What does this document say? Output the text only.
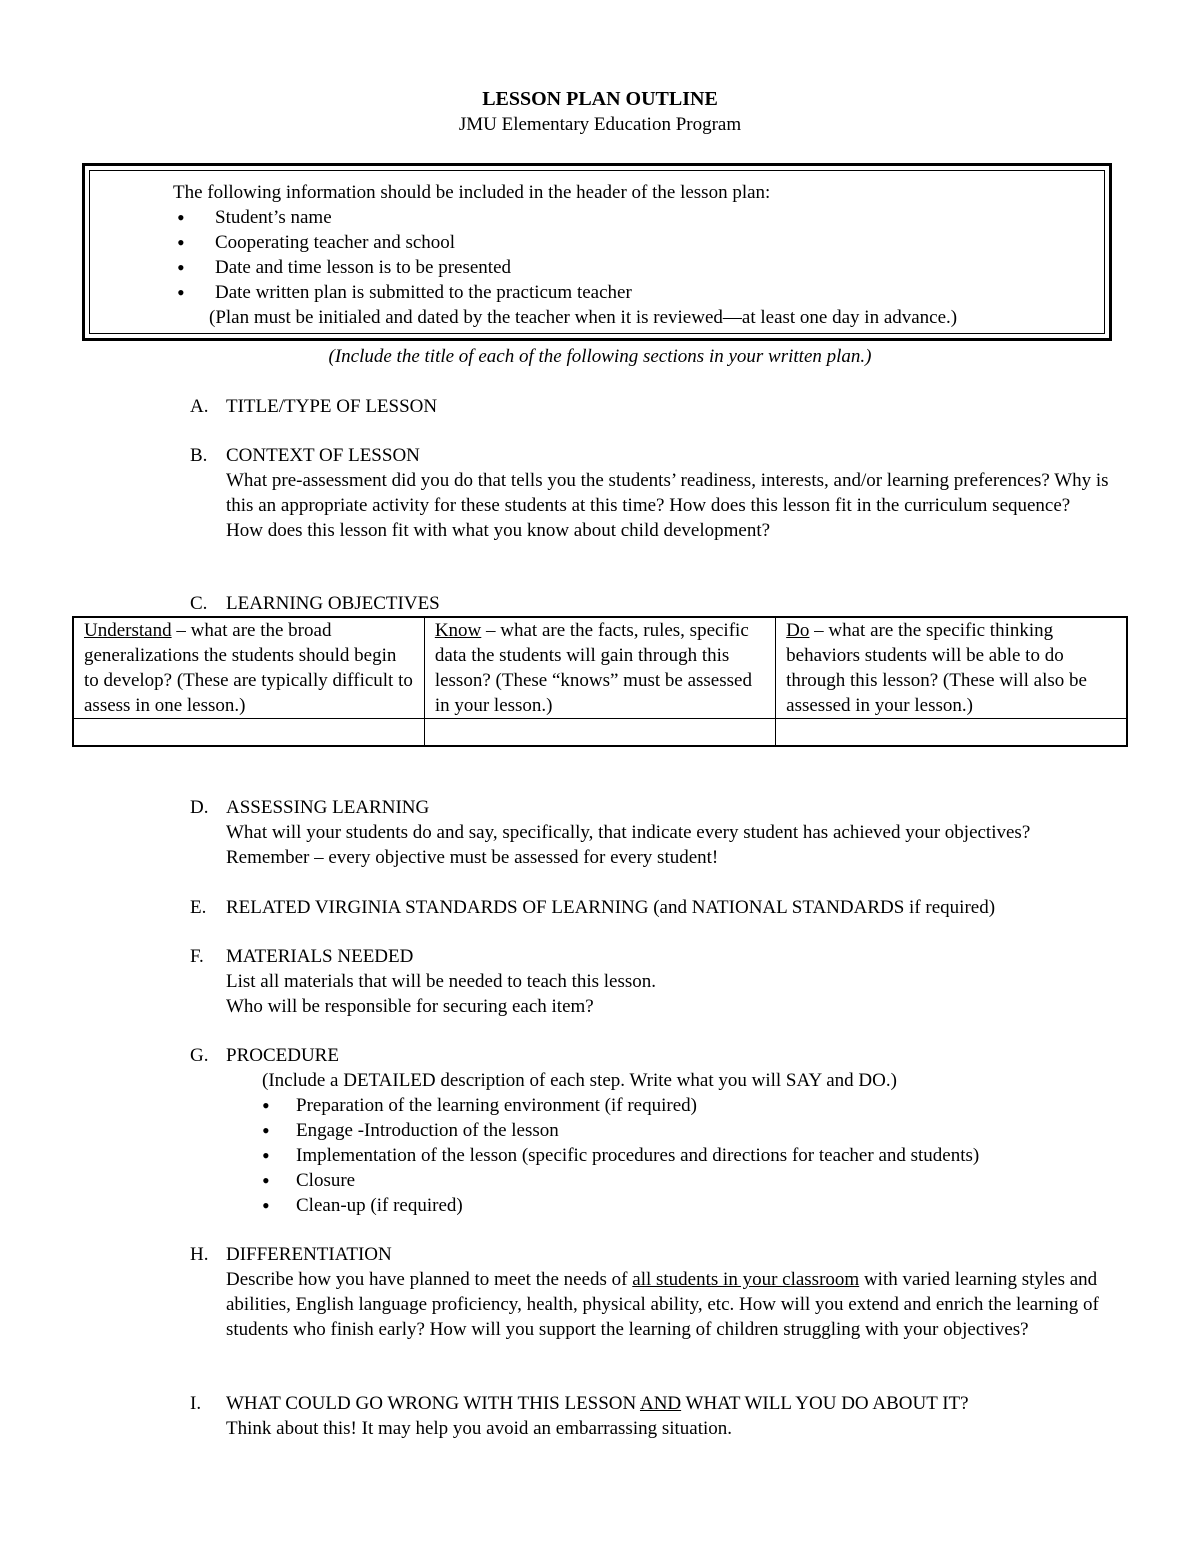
LESSON PLAN OUTLINE
JMU Elementary Education Program
The following information should be included in the header of the lesson plan:
• Student’s name
• Cooperating teacher and school
• Date and time lesson is to be presented
• Date written plan is submitted to the practicum teacher
(Plan must be initialed and dated by the teacher when it is reviewed—at least one day in advance.)
(Include the title of each of the following sections in your written plan.)
A. TITLE/TYPE OF LESSON
B. CONTEXT OF LESSON
What pre-assessment did you do that tells you the students’ readiness, interests, and/or learning preferences? Why is this an appropriate activity for these students at this time? How does this lesson fit in the curriculum sequence? How does this lesson fit with what you know about child development?
C. LEARNING OBJECTIVES
Understand – what are the broad generalizations the students should begin to develop? (These are typically difficult to assess in one lesson.)	Know – what are the facts, rules, specific data the students will gain through this lesson? (These “knows” must be assessed in your lesson.)	Do – what are the specific thinking behaviors students will be able to do through this lesson? (These will also be assessed in your lesson.)

D. ASSESSING LEARNING
What will your students do and say, specifically, that indicate every student has achieved your objectives? Remember – every objective must be assessed for every student!
E. RELATED VIRGINIA STANDARDS OF LEARNING (and NATIONAL STANDARDS if required)
F. MATERIALS NEEDED
List all materials that will be needed to teach this lesson.
Who will be responsible for securing each item?
G. PROCEDURE
(Include a DETAILED description of each step. Write what you will SAY and DO.)
• Preparation of the learning environment (if required)
• Engage -Introduction of the lesson
• Implementation of the lesson (specific procedures and directions for teacher and students)
• Closure
• Clean-up (if required)
H. DIFFERENTIATION
Describe how you have planned to meet the needs of all students in your classroom with varied learning styles and abilities, English language proficiency, health, physical ability, etc. How will you extend and enrich the learning of students who finish early? How will you support the learning of children struggling with your objectives?
I. WHAT COULD GO WRONG WITH THIS LESSON AND WHAT WILL YOU DO ABOUT IT?
Think about this! It may help you avoid an embarrassing situation.
